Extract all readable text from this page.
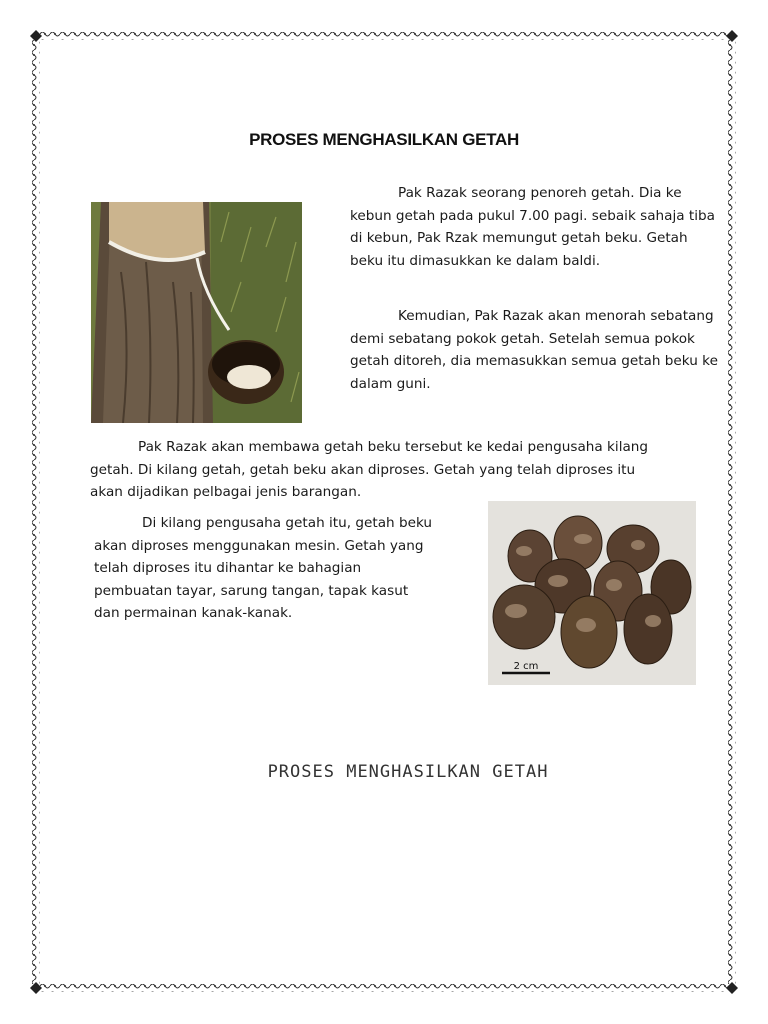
PROSES MENGHASILKAN GETAH

Pak Razak seorang penoreh getah. Dia ke kebun getah pada pukul 7.00 pagi. sebaik sahaja tiba di kebun, Pak Rzak memungut getah beku. Getah beku itu dimasukkan ke dalam baldi.

Kemudian, Pak Razak akan menorah sebatang demi sebatang pokok getah. Setelah semua pokok getah ditoreh, dia memasukkan semua getah beku ke dalam guni.

Pak Razak akan membawa getah beku tersebut ke kedai pengusaha kilang getah. Di kilang getah, getah beku akan diproses. Getah yang telah diproses itu akan dijadikan pelbagai jenis barangan.

Di kilang pengusaha getah itu, getah beku akan diproses menggunakan mesin. Getah yang telah diproses itu dihantar ke bahagian pembuatan tayar, sarung tangan, tapak kasut dan permainan kanak-kanak.

2 cm
PROSES MENGHASILKAN GETAH
